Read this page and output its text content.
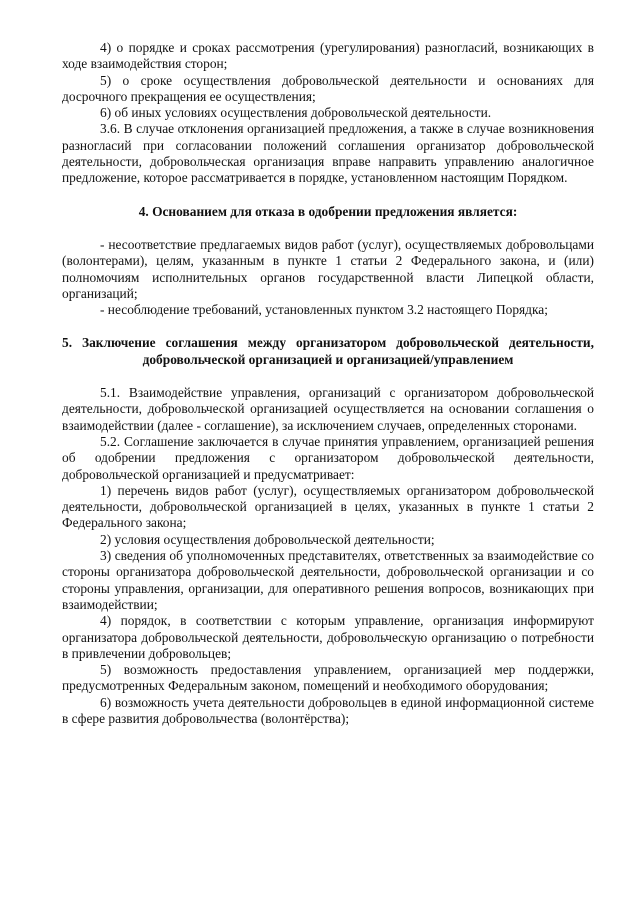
4) о порядке и сроках рассмотрения (урегулирования) разногласий, возникающих в ходе взаимодействия сторон;

5) о сроке осуществления добровольческой деятельности и основаниях для досрочного прекращения ее осуществления;

6) об иных условиях осуществления добровольческой деятельности.

3.6. В случае отклонения организацией предложения, а также в случае возникновения разногласий при согласовании положений соглашения организатор добровольческой деятельности, добровольческая организация вправе направить управлению аналогичное предложение, которое рассматривается в порядке, установленном настоящим Порядком.

4. Основанием для отказа в одобрении предложения является:

- несоответствие предлагаемых видов работ (услуг), осуществляемых добровольцами (волонтерами), целям, указанным в пункте 1 статьи 2 Федерального закона, и (или) полномочиям исполнительных органов государственной власти Липецкой области, организаций;

- несоблюдение требований, установленных пунктом 3.2 настоящего Порядка;

5. Заключение соглашения между организатором добровольческой деятельности, добровольческой организацией и организацией/управлением

5.1. Взаимодействие управления, организаций с организатором добровольческой деятельности, добровольческой организацией осуществляется на основании соглашения о взаимодействии (далее - соглашение), за исключением случаев, определенных сторонами.

5.2. Соглашение заключается в случае принятия управлением, организацией решения об одобрении предложения с организатором добровольческой деятельности, добровольческой организацией и предусматривает:

1) перечень видов работ (услуг), осуществляемых организатором добровольческой деятельности, добровольческой организацией в целях, указанных в пункте 1 статьи 2 Федерального закона;

2) условия осуществления добровольческой деятельности;

3) сведения об уполномоченных представителях, ответственных за взаимодействие со стороны организатора добровольческой деятельности, добровольческой организации и со стороны управления, организации, для оперативного решения вопросов, возникающих при взаимодействии;

4) порядок, в соответствии с которым управление, организация информируют организатора добровольческой деятельности, добровольческую организацию о потребности в привлечении добровольцев;

5) возможность предоставления управлением, организацией мер поддержки, предусмотренных Федеральным законом, помещений и необходимого оборудования;

6) возможность учета деятельности добровольцев в единой информационной системе в сфере развития добровольчества (волонтёрства);
